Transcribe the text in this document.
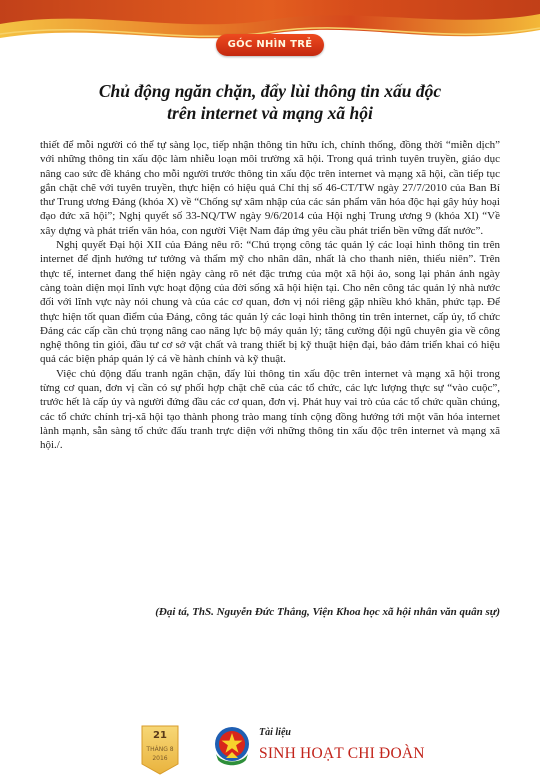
GÓC NHÌN TRẺ
Chủ động ngăn chặn, đẩy lùi thông tin xấu độc
trên internet và mạng xã hội

thiết để mỗi người có thể tự sàng lọc, tiếp nhận thông tin hữu ích, chính thống, đồng thời “miễn dịch” với những thông tin xấu độc làm nhiễu loạn môi trường xã hội. Trong quá trình tuyên truyền, giáo dục nâng cao sức đề kháng cho mỗi người trước thông tin xấu độc trên internet và mạng xã hội, cần tiếp tục gắn chặt chẽ với tuyên truyền, thực hiện có hiệu quả Chỉ thị số 46-CT/TW ngày 27/7/2010 của Ban Bí thư Trung ương Đảng (khóa X) về “Chống sự xâm nhập của các sản phẩm văn hóa độc hại gây hủy hoại đạo đức xã hội”; Nghị quyết số 33-NQ/TW ngày 9/6/2014 của Hội nghị Trung ương 9 (khóa XI) “Về xây dựng và phát triển văn hóa, con người Việt Nam đáp ứng yêu cầu phát triển bền vững đất nước”.

Nghị quyết Đại hội XII của Đảng nêu rõ: “Chú trọng công tác quản lý các loại hình thông tin trên internet để định hướng tư tưởng và thẩm mỹ cho nhân dân, nhất là cho thanh niên, thiếu niên”. Trên thực tế, internet đang thể hiện ngày càng rõ nét đặc trưng của một xã hội ảo, song lại phản ánh ngày càng toàn diện mọi lĩnh vực hoạt động của đời sống xã hội hiện tại. Cho nên công tác quản lý nhà nước đối với lĩnh vực này nói chung và của các cơ quan, đơn vị nói riêng gặp nhiều khó khăn, phức tạp. Để thực hiện tốt quan điểm của Đảng, công tác quản lý các loại hình thông tin trên internet, cấp ủy, tổ chức Đảng các cấp cần chủ trọng nâng cao năng lực bộ máy quản lý; tăng cường đội ngũ chuyên gia về công nghệ thông tin giỏi, đầu tư cơ sở vật chất và trang thiết bị kỹ thuật hiện đại, bảo đảm triển khai có hiệu quả các biện pháp quản lý cả về hành chính và kỹ thuật.

Việc chủ động đấu tranh ngăn chặn, đẩy lùi thông tin xấu độc trên internet và mạng xã hội trong từng cơ quan, đơn vị cần có sự phối hợp chặt chẽ của các tổ chức, các lực lượng thực sự “vào cuộc”, trước hết là cấp ủy và người đứng đầu các cơ quan, đơn vị. Phát huy vai trò của các tổ chức quần chúng, các tổ chức chính trị-xã hội tạo thành phong trào mang tính cộng đồng hướng tới một văn hóa internet lành mạnh, sẵn sàng tổ chức đấu tranh trực diện với những thông tin xấu độc trên internet và mạng xã hội./.

(Đại tá, ThS. Nguyễn Đức Thắng, Viện Khoa học xã hội nhân văn quân sự)
21
THÁNG 8
2016
Tài liệu
SINH HOẠT CHI ĐOÀN
